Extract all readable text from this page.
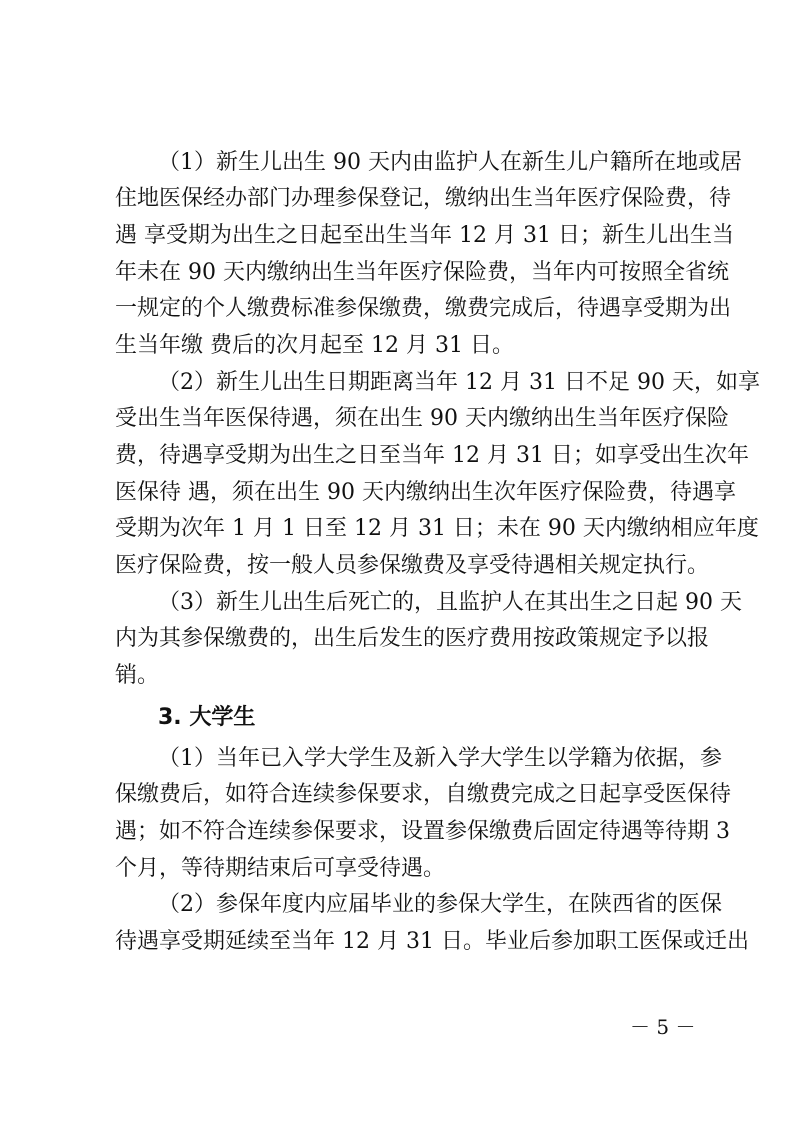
（1）新生儿出生 90 天内由监护人在新生儿户籍所在地或居
住地医保经办部门办理参保登记，缴纳出生当年医疗保险费，待
遇 享受期为出生之日起至出生当年 12 月 31 日；新生儿出生当
年未在 90 天内缴纳出生当年医疗保险费，当年内可按照全省统
一规定的个人缴费标准参保缴费，缴费完成后，待遇享受期为出
生当年缴 费后的次月起至 12 月 31 日。
（2）新生儿出生日期距离当年 12 月 31 日不足 90 天，如享
受出生当年医保待遇，须在出生 90 天内缴纳出生当年医疗保险
费，待遇享受期为出生之日至当年 12 月 31 日；如享受出生次年
医保待 遇，须在出生 90 天内缴纳出生次年医疗保险费，待遇享
受期为次年 1 月 1 日至 12 月 31 日；未在 90 天内缴纳相应年度
医疗保险费，按一般人员参保缴费及享受待遇相关规定执行。
（3）新生儿出生后死亡的，且监护人在其出生之日起 90 天
内为其参保缴费的，出生后发生的医疗费用按政策规定予以报
销。
3. 大学生
（1）当年已入学大学生及新入学大学生以学籍为依据，参
保缴费后，如符合连续参保要求，自缴费完成之日起享受医保待
遇；如不符合连续参保要求，设置参保缴费后固定待遇等待期 3
个月，等待期结束后可享受待遇。
（2）参保年度内应届毕业的参保大学生，在陕西省的医保
待遇享受期延续至当年 12 月 31 日。毕业后参加职工医保或迁出
－ 5 －
